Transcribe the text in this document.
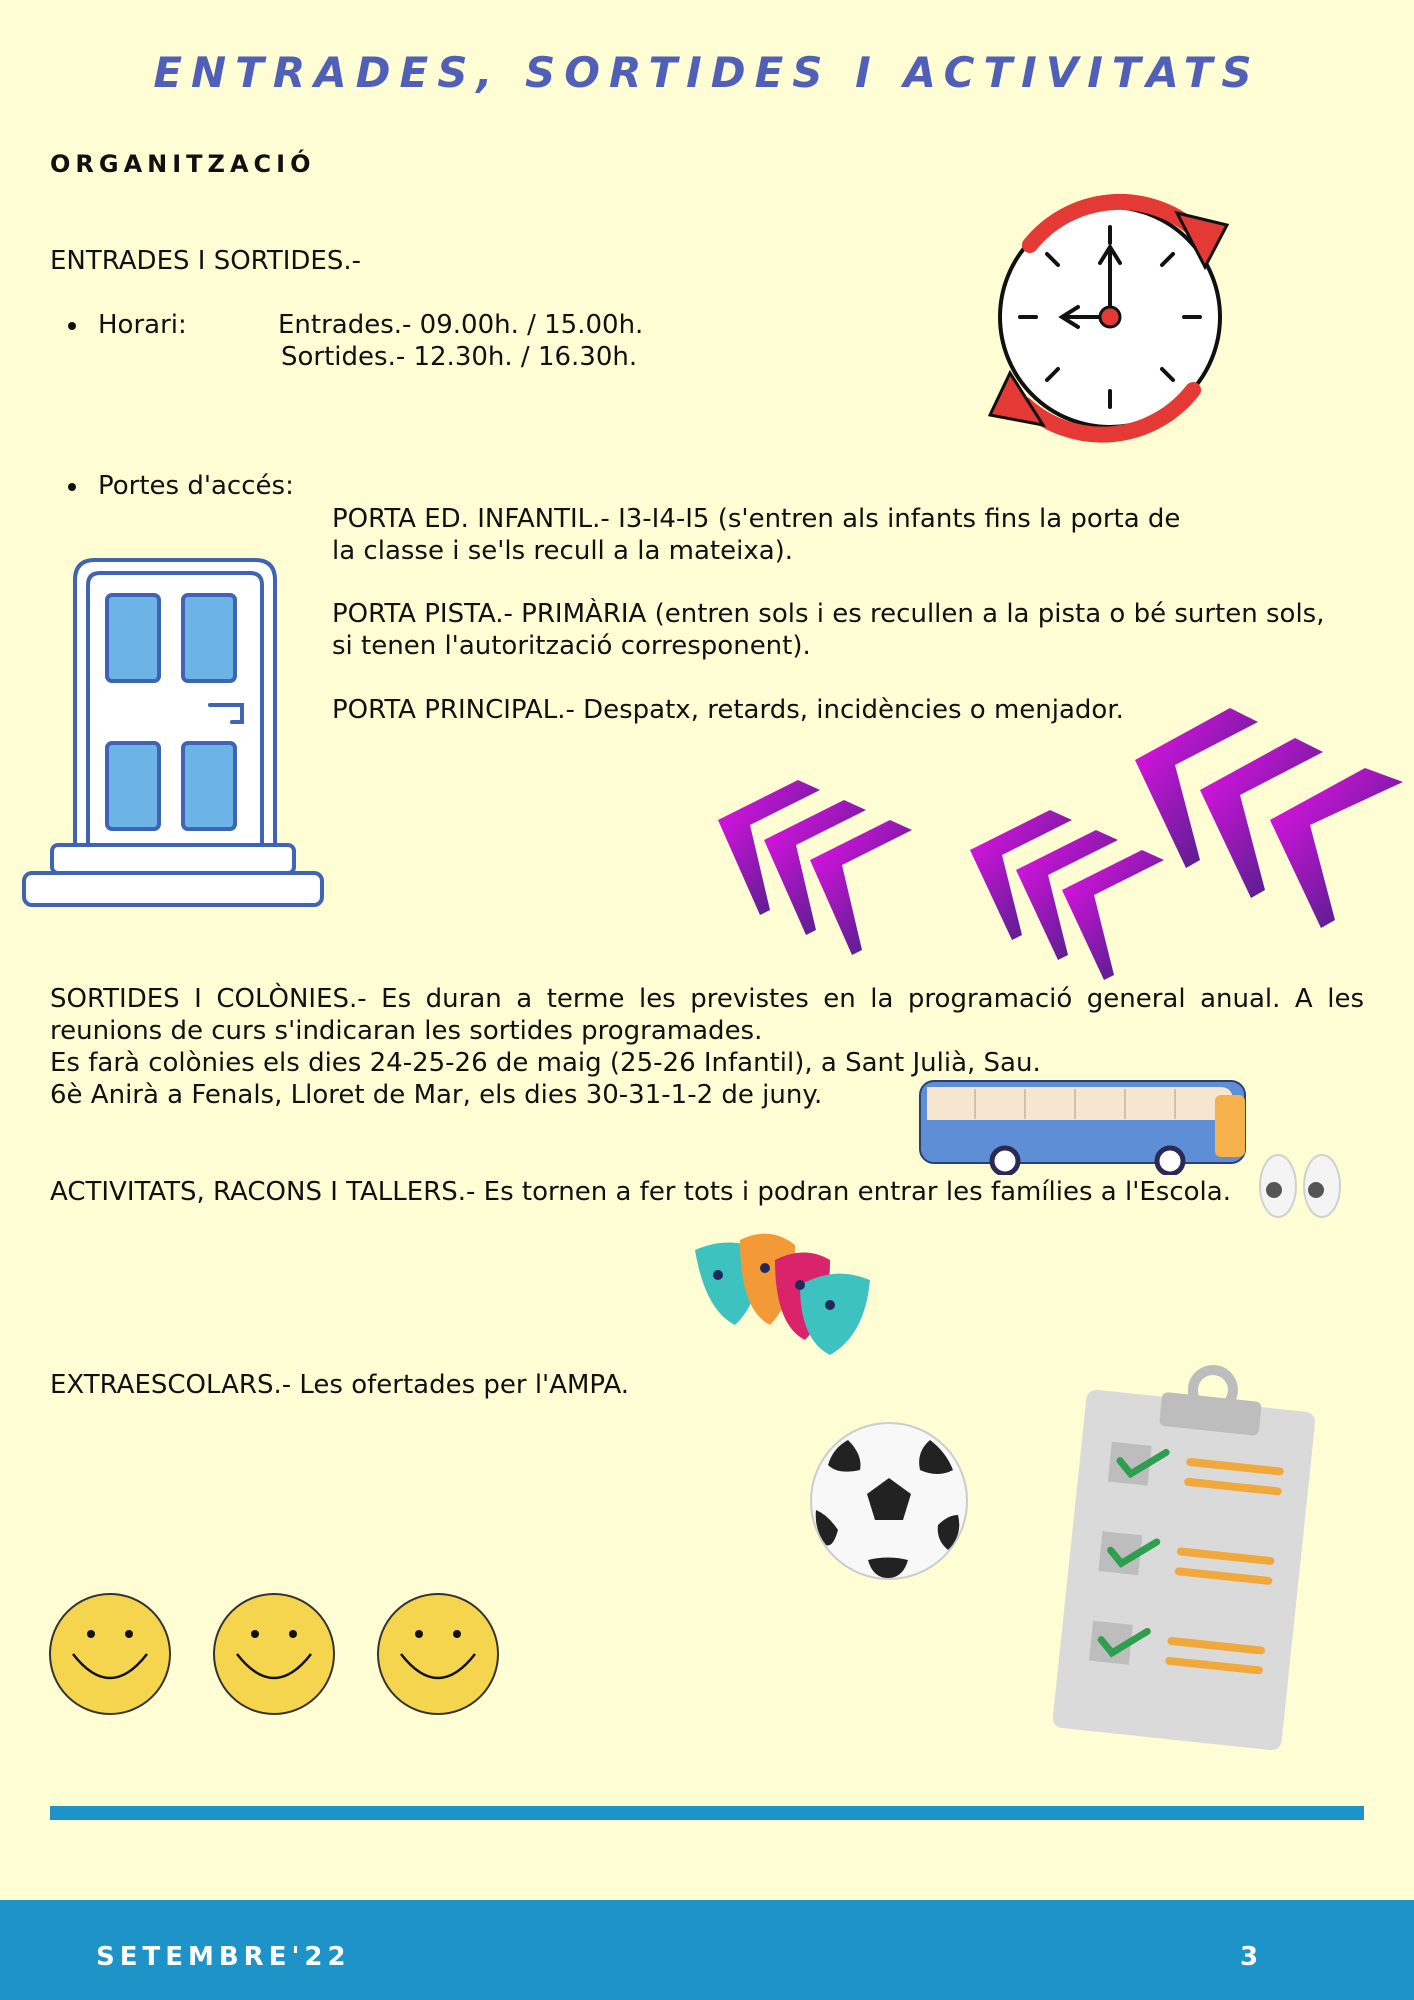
ENTRADES, SORTIDES I ACTIVITATS
ORGANITZACIÓ
ENTRADES I SORTIDES.-
Horari:	Entrades.- 09.00h. / 15.00h.
Sortides.- 12.30h. / 16.30h.
Portes d'accés:
PORTA ED. INFANTIL.- I3-I4-I5 (s'entren als infants fins la porta de
la classe i se'ls recull a la mateixa).
PORTA PISTA.- PRIMÀRIA (entren sols i es recullen a la pista o bé surten sols,
si tenen l'autorització corresponent).
PORTA PRINCIPAL.- Despatx, retards, incidències o menjador.
SORTIDES I COLÒNIES.- Es duran a terme les previstes en la programació general anual. A les
reunions de curs s'indicaran les sortides programades.
Es farà colònies els dies 24-25-26 de maig (25-26 Infantil), a Sant Julià, Sau.
6è Anirà a Fenals, Lloret de Mar, els dies 30-31-1-2 de juny.
ACTIVITATS, RACONS I TALLERS.- Es tornen a fer tots i podran entrar les famílies a l'Escola.
EXTRAESCOLARS.- Les ofertades per l'AMPA.
SETEMBRE'22	3
